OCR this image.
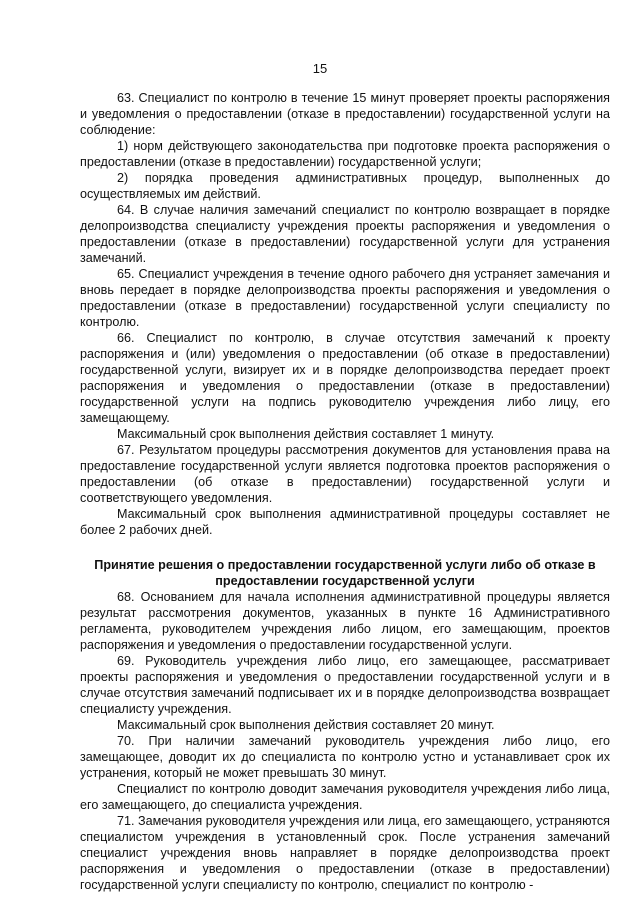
15

63. Специалист по контролю в течение 15 минут проверяет проекты распоряжения и уведомления о предоставлении (отказе в предоставлении) государственной услуги на соблюдение:

1) норм действующего законодательства при подготовке проекта распоряжения о предоставлении (отказе в предоставлении) государственной услуги;

2) порядка проведения административных процедур, выполненных до осуществляемых им действий.

64. В случае наличия замечаний специалист по контролю возвращает в порядке делопроизводства специалисту учреждения проекты распоряжения и уведомления о предоставлении (отказе в предоставлении) государственной услуги для устранения замечаний.

65. Специалист учреждения в течение одного рабочего дня устраняет замечания и вновь передает в порядке делопроизводства проекты распоряжения и уведомления о предоставлении (отказе в предоставлении) государственной услуги специалисту по контролю.

66. Специалист по контролю, в случае отсутствия замечаний к проекту распоряжения и (или) уведомления о предоставлении (об отказе в предоставлении) государственной услуги, визирует их и в порядке делопроизводства передает проект распоряжения и уведомления о предоставлении (отказе в предоставлении) государственной услуги на подпись руководителю учреждения либо лицу, его замещающему.

Максимальный срок выполнения действия составляет 1 минуту.

67. Результатом процедуры рассмотрения документов для установления права на предоставление государственной услуги является подготовка проектов распоряжения о предоставлении (об отказе в предоставлении) государственной услуги и соответствующего уведомления.

Максимальный срок выполнения административной процедуры составляет не более 2 рабочих дней.

Принятие решения о предоставлении государственной услуги либо об отказе в предоставлении государственной услуги

68. Основанием для начала исполнения административной процедуры является результат рассмотрения документов, указанных в пункте 16 Административного регламента, руководителем учреждения либо лицом, его замещающим, проектов распоряжения и уведомления о предоставлении государственной услуги.

69. Руководитель учреждения либо лицо, его замещающее, рассматривает проекты распоряжения и уведомления о предоставлении государственной услуги и в случае отсутствия замечаний подписывает их и в порядке делопроизводства возвращает специалисту учреждения.

Максимальный срок выполнения действия составляет 20 минут.

70. При наличии замечаний руководитель учреждения либо лицо, его замещающее, доводит их до специалиста по контролю устно и устанавливает срок их устранения, который не может превышать 30 минут.

Специалист по контролю доводит замечания руководителя учреждения либо лица, его замещающего, до специалиста учреждения.

71. Замечания руководителя учреждения или лица, его замещающего, устраняются специалистом учреждения в установленный срок. После устранения замечаний специалист учреждения вновь направляет в порядке делопроизводства проект распоряжения и уведомления о предоставлении (отказе в предоставлении) государственной услуги специалисту по контролю, специалист по контролю -
